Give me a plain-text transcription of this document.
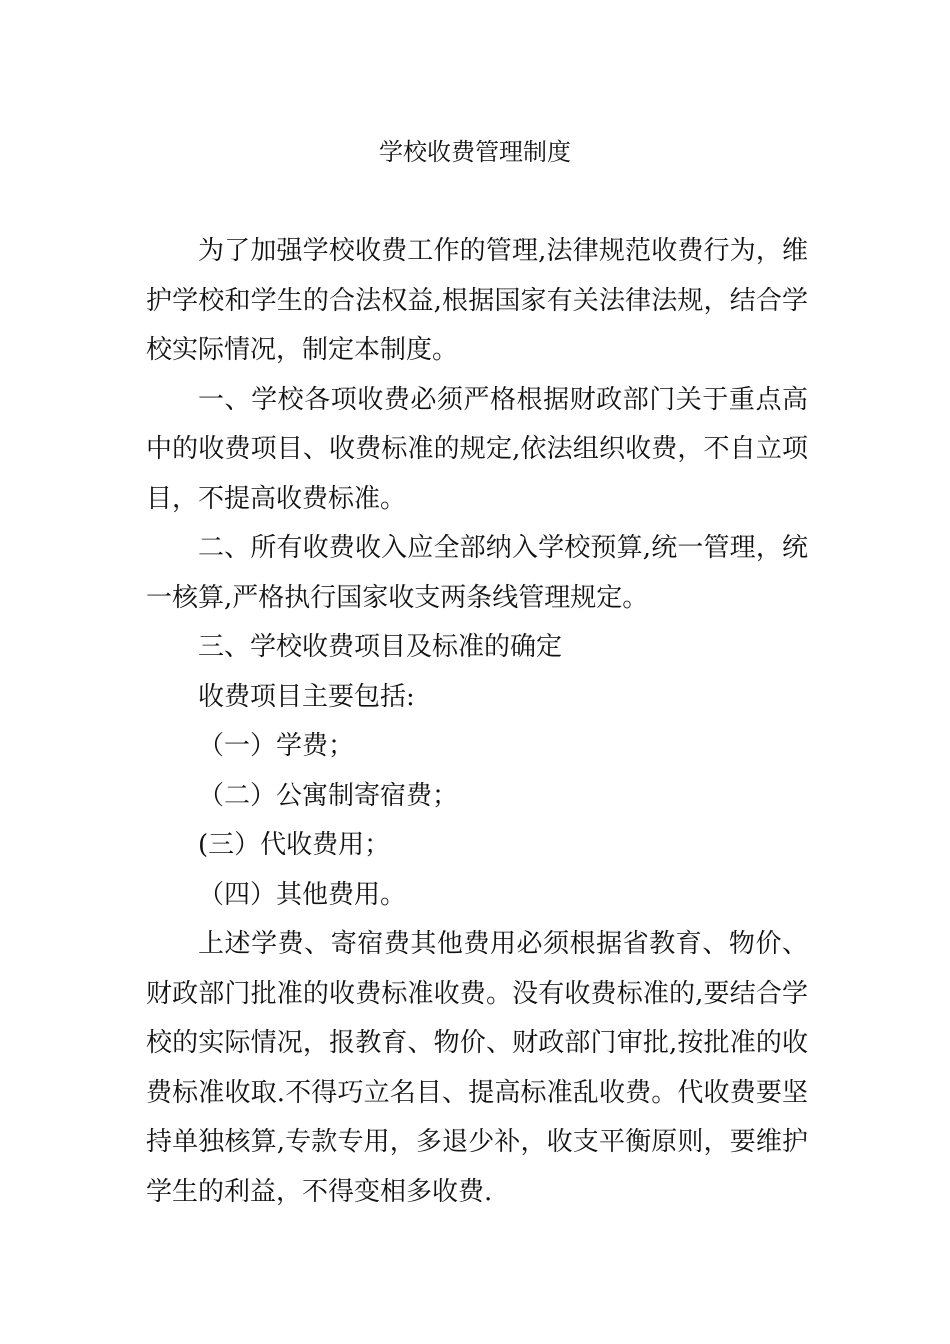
学校收费管理制度

为了加强学校收费工作的管理,法律规范收费行为，维护学校和学生的合法权益,根据国家有关法律法规，结合学校实际情况，制定本制度。

一、学校各项收费必须严格根据财政部门关于重点高中的收费项目、收费标准的规定,依法组织收费，不自立项目，不提高收费标准。

二、所有收费收入应全部纳入学校预算,统一管理，统一核算,严格执行国家收支两条线管理规定。

三、学校收费项目及标准的确定

收费项目主要包括:

（一）学费；

（二）公寓制寄宿费；

(三）代收费用；

（四）其他费用。

上述学费、寄宿费其他费用必须根据省教育、物价、财政部门批准的收费标准收费。没有收费标准的,要结合学校的实际情况，报教育、物价、财政部门审批,按批准的收费标准收取.不得巧立名目、提高标准乱收费。代收费要坚持单独核算,专款专用，多退少补，收支平衡原则，要维护学生的利益，不得变相多收费.
